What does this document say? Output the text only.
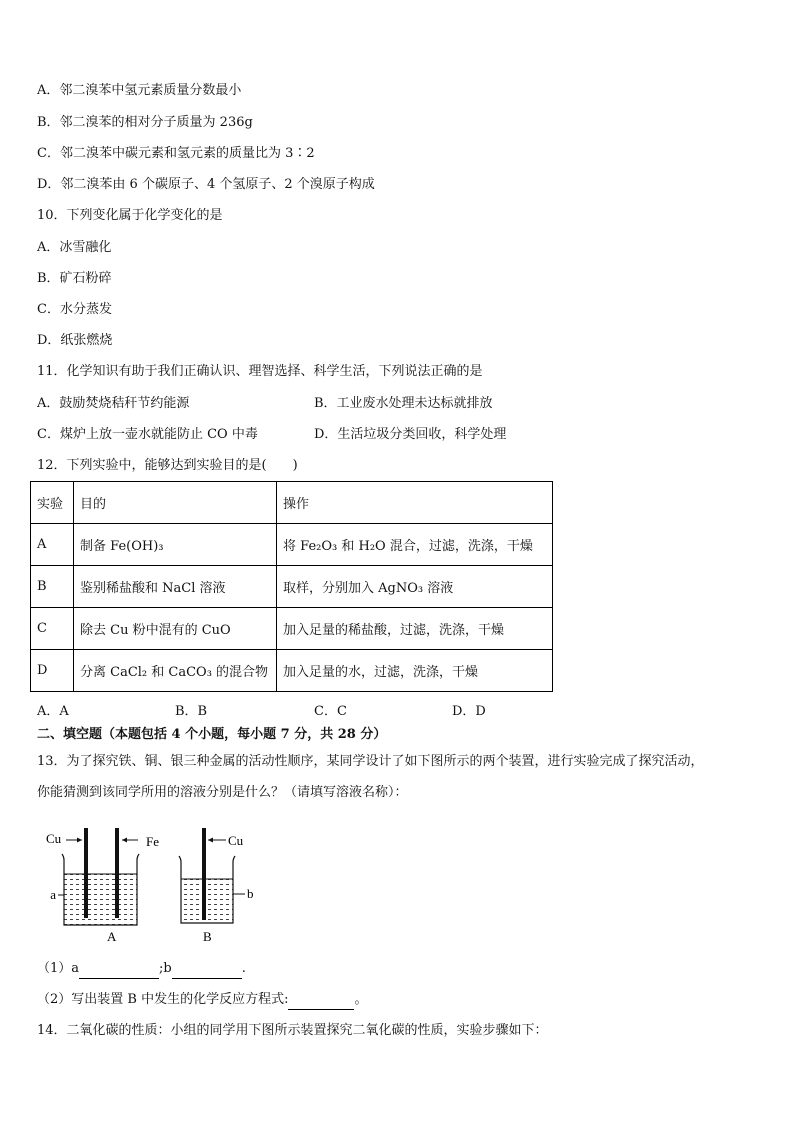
A．邻二溴苯中氢元素质量分数最小
B．邻二溴苯的相对分子质量为 236g
C．邻二溴苯中碳元素和氢元素的质量比为 3∶2
D．邻二溴苯由 6 个碳原子、4 个氢原子、2 个溴原子构成
10．下列变化属于化学变化的是
A．冰雪融化
B．矿石粉碎
C．水分蒸发
D．纸张燃烧
11．化学知识有助于我们正确认识、理智选择、科学生活，下列说法正确的是
A．鼓励焚烧秸秆节约能源	B．工业废水处理未达标就排放
C．煤炉上放一壶水就能防止 CO 中毒	D．生活垃圾分类回收，科学处理
12．下列实验中，能够达到实验目的是(　　)
实验	目的	操作
A	制备 Fe(OH)₃	将 Fe₂O₃ 和 H₂O 混合，过滤，洗涤，干燥
B	鉴别稀盐酸和 NaCl 溶液	取样，分别加入 AgNO₃ 溶液
C	除去 Cu 粉中混有的 CuO	加入足量的稀盐酸，过滤，洗涤，干燥
D	分离 CaCl₂ 和 CaCO₃ 的混合物	加入足量的水，过滤，洗涤，干燥
A．A	B．B	C．C	D．D
二、填空题（本题包括 4 个小题，每小题 7 分，共 28 分）
13．为了探究铁、铜、银三种金属的活动性顺序，某同学设计了如下图所示的两个装置，进行实验完成了探究活动，
你能猜测到该同学所用的溶液分别是什么？（请填写溶液名称）：
Cu	Fe
a
A
Cu
b
B
（1）a	;b	.
（2）写出装置 B 中发生的化学反应方程式:	。
14．二氧化碳的性质：小组的同学用下图所示装置探究二氧化碳的性质，实验步骤如下：
